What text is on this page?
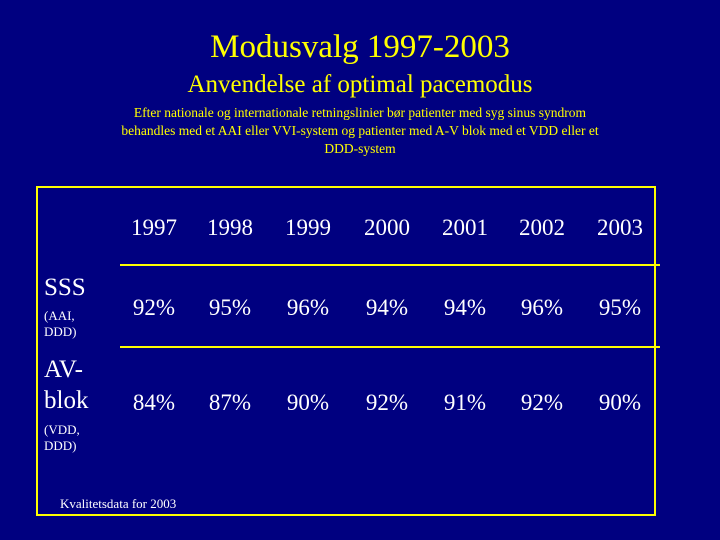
Modusvalg 1997-2003
Anvendelse af optimal pacemodus
Efter nationale og internationale retningslinier bør patienter med syg sinus syndrom
behandles med et AAI eller VVI-system og patienter med A-V blok med et VDD eller et
DDD-system
1997	1998	1999	2000	2001	2002	2003
SSS
(AAI,
DDD)
92%	95%	96%	94%	94%	96%	95%
AV-
blok
(VDD,
DDD)
84%	87%	90%	92%	91%	92%	90%
Kvalitetsdata for 2003
